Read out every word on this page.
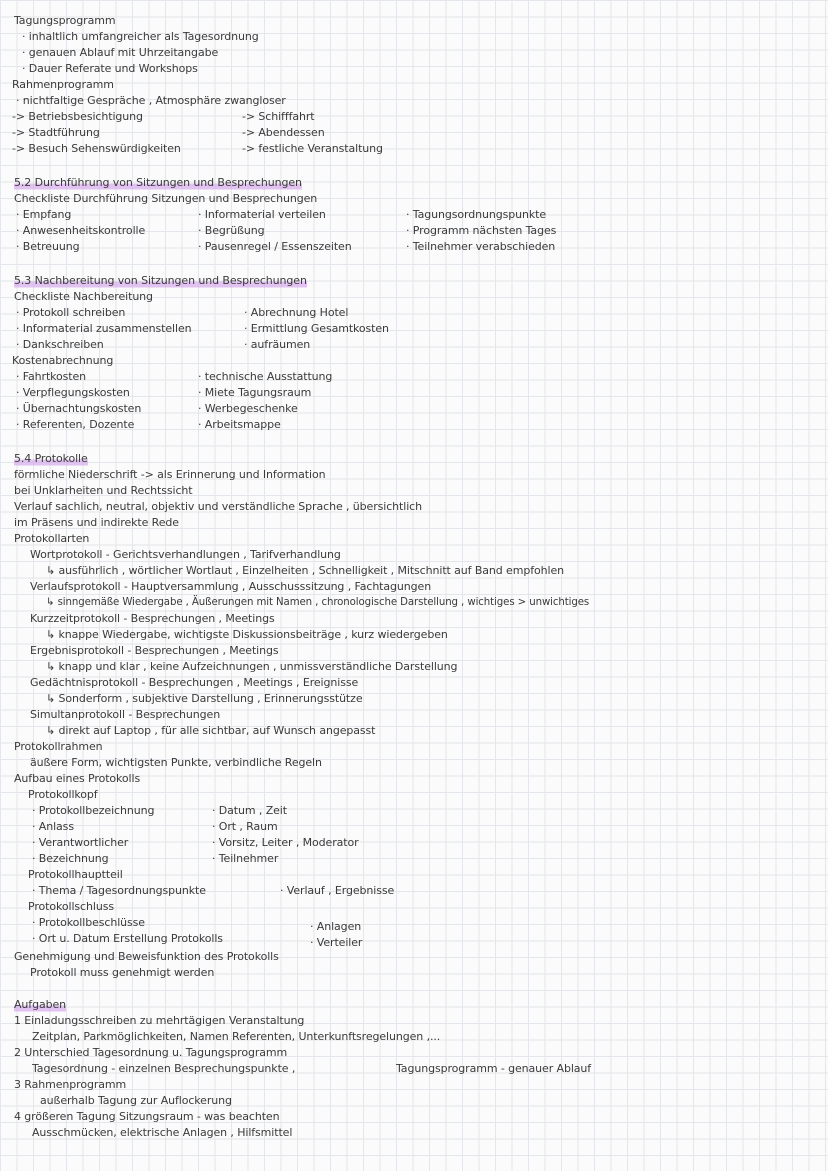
Tagungsprogramm
· inhaltlich umfangreicher als Tagesordnung
· genauen Ablauf mit Uhrzeitangabe
· Dauer Referate und Workshops
Rahmenprogramm
· nichtfaltige Gespräche , Atmosphäre zwangloser
-> Betriebsbesichtigung	-> Schifffahrt
-> Stadtführung	-> Abendessen
-> Besuch Sehenswürdigkeiten	-> festliche Veranstaltung
5.2 Durchführung von Sitzungen und Besprechungen
Checkliste Durchführung Sitzungen und Besprechungen
· Empfang	· Informaterial verteilen	· Tagungsordnungspunkte
· Anwesenheitskontrolle	· Begrüßung	· Programm nächsten Tages
· Betreuung	· Pausenregel / Essenszeiten	· Teilnehmer verabschieden
5.3 Nachbereitung von Sitzungen und Besprechungen
Checkliste Nachbereitung
· Protokoll schreiben	· Abrechnung Hotel
· Informaterial zusammenstellen	· Ermittlung Gesamtkosten
· Dankschreiben	· aufräumen
Kostenabrechnung
· Fahrtkosten	· technische Ausstattung
· Verpflegungskosten	· Miete Tagungsraum
· Übernachtungskosten	· Werbegeschenke
· Referenten, Dozente	· Arbeitsmappe
5.4 Protokolle
förmliche Niederschrift -> als Erinnerung und Information
bei Unklarheiten und Rechtssicht
Verlauf sachlich, neutral, objektiv und verständliche Sprache , übersichtlich
im Präsens und indirekte Rede
Protokollarten
Wortprotokoll - Gerichtsverhandlungen , Tarifverhandlung
↳ ausführlich , wörtlicher Wortlaut , Einzelheiten , Schnelligkeit , Mitschnitt auf Band empfohlen
Verlaufsprotokoll - Hauptversammlung , Ausschusssitzung , Fachtagungen
↳ sinngemäße Wiedergabe , Äußerungen mit Namen , chronologische Darstellung , wichtiges > unwichtiges
Kurzzeitprotokoll - Besprechungen , Meetings
↳ knappe Wiedergabe, wichtigste Diskussionsbeiträge , kurz wiedergeben
Ergebnisprotokoll - Besprechungen , Meetings
↳ knapp und klar , keine Aufzeichnungen , unmissverständliche Darstellung
Gedächtnisprotokoll - Besprechungen , Meetings , Ereignisse
↳ Sonderform , subjektive Darstellung , Erinnerungsstütze
Simultanprotokoll - Besprechungen
↳ direkt auf Laptop , für alle sichtbar, auf Wunsch angepasst
Protokollrahmen
äußere Form, wichtigsten Punkte, verbindliche Regeln
Aufbau eines Protokolls
Protokollkopf
· Protokollbezeichnung	· Datum , Zeit
· Anlass	· Ort , Raum
· Verantwortlicher	· Vorsitz, Leiter , Moderator
· Bezeichnung	· Teilnehmer
Protokollhauptteil
· Thema / Tagesordnungspunkte	· Verlauf , Ergebnisse
Protokollschluss
· Protokollbeschlüsse	· Anlagen
· Ort u. Datum Erstellung Protokolls	· Verteiler
Genehmigung und Beweisfunktion des Protokolls
Protokoll muss genehmigt werden
Aufgaben
1 Einladungsschreiben zu mehrtägigen Veranstaltung
Zeitplan, Parkmöglichkeiten, Namen Referenten, Unterkunftsregelungen ,...
2 Unterschied Tagesordnung u. Tagungsprogramm
Tagesordnung - einzelnen Besprechungspunkte ,	Tagungsprogramm - genauer Ablauf
3 Rahmenprogramm
außerhalb Tagung zur Auflockerung
4 größeren Tagung Sitzungsraum - was beachten
Ausschmücken, elektrische Anlagen , Hilfsmittel
